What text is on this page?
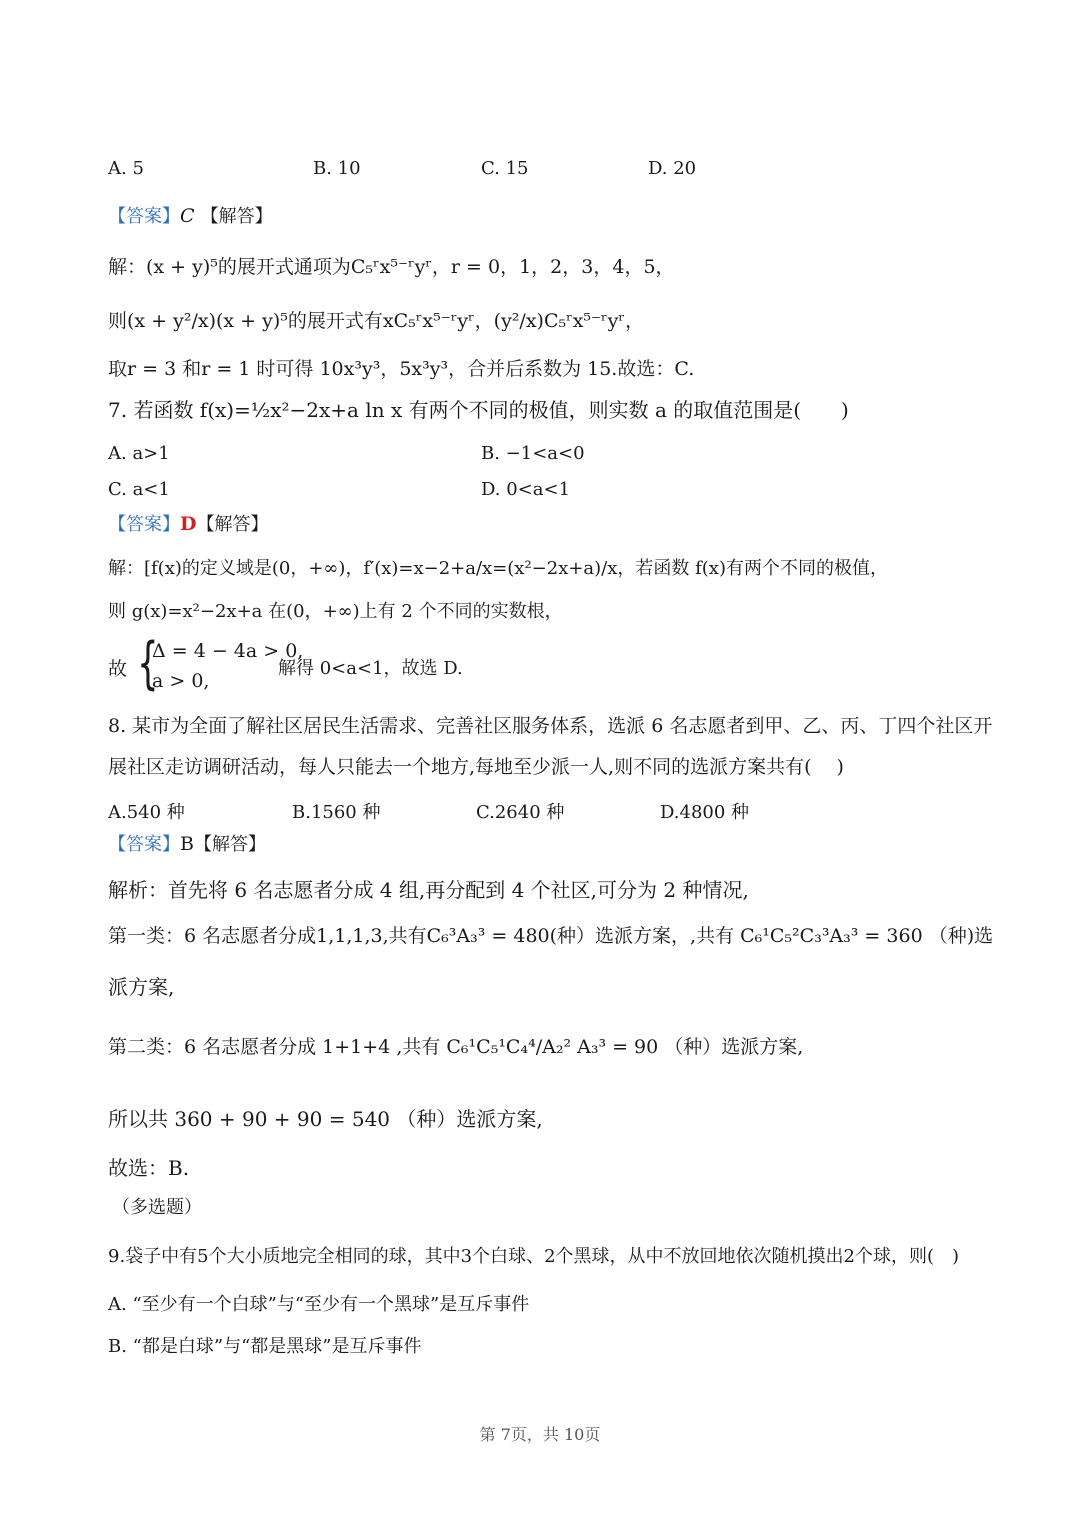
A. 5	B. 10	C. 15	D. 20
【答案】C 【解答】
解：(x + y)⁵的展开式通项为C₅ʳx⁵⁻ʳyʳ，r = 0，1，2，3，4，5，
则(x + y²/x)(x + y)⁵的展开式有xC₅ʳx⁵⁻ʳyʳ，(y²/x)C₅ʳx⁵⁻ʳyʳ，
取r = 3 和r = 1 时可得 10x³y³，5x³y³，合并后系数为 15.故选：C.
7. 若函数 f(x)=½x²−2x+a ln x 有两个不同的极值，则实数 a 的取值范围是(　　)
A. a>1	B. −1<a<0
C. a<1	D. 0<a<1
【答案】D【解答】
解：[f(x)的定义域是(0，+∞)，f′(x)=x−2+a/x=(x²−2x+a)/x，若函数 f(x)有两个不同的极值，
则 g(x)=x²−2x+a 在(0，+∞)上有 2 个不同的实数根，
故 {
Δ = 4 − 4a > 0,
a > 0,
解得 0<a<1，故选 D.
8. 某市为全面了解社区居民生活需求、完善社区服务体系，选派 6 名志愿者到甲、乙、丙、丁四个社区开
展社区走访调研活动，每人只能去一个地方,每地至少派一人,则不同的选派方案共有(　 )
A.540 种	B.1560 种	C.2640 种	D.4800 种
【答案】B【解答】
解析：首先将 6 名志愿者分成 4 组,再分配到 4 个社区,可分为 2 种情况,
第一类：6 名志愿者分成1,1,1,3,共有C₆³A₃³ = 480(种）选派方案，,共有 C₆¹C₅²C₃³A₃³ = 360 （种)选
派方案,
第二类：6 名志愿者分成 1+1+4 ,共有 C₆¹C₅¹C₄⁴/A₂² A₃³ = 90 （种）选派方案,
所以共 360 + 90 + 90 = 540 （种）选派方案,
故选：B.
（多选题）
9.袋子中有5个大小质地完全相同的球，其中3个白球、2个黑球，从中不放回地依次随机摸出2个球，则(　)
A. “至少有一个白球”与“至少有一个黑球”是互斥事件
B. “都是白球”与“都是黑球”是互斥事件
第 7页，共 10页
